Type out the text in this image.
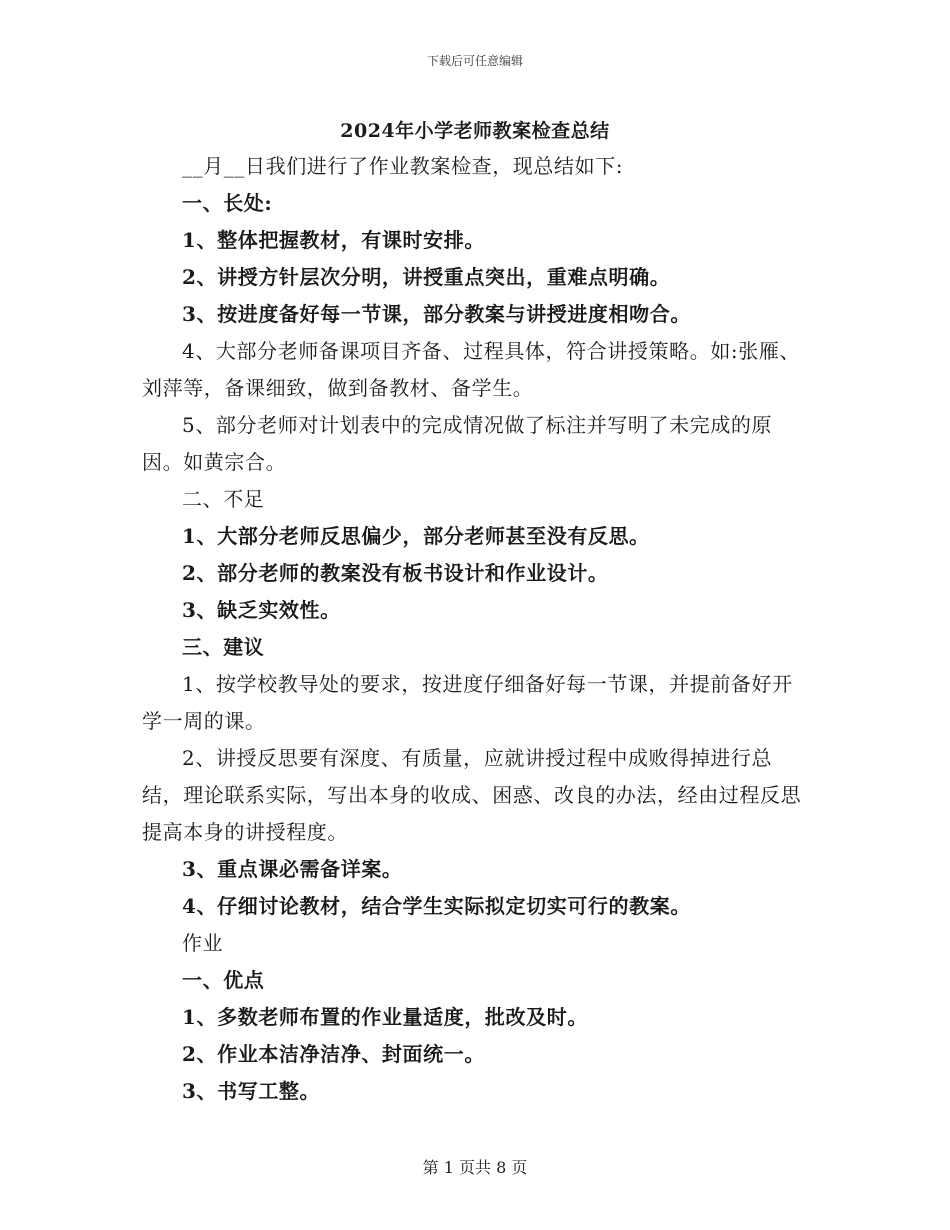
下载后可任意编辑
2024年小学老师教案检查总结

__月__日我们进行了作业教案检查，现总结如下:

一、长处:

1、整体把握教材，有课时安排。

2、讲授方针层次分明，讲授重点突出，重难点明确。

3、按进度备好每一节课，部分教案与讲授进度相吻合。

4、大部分老师备课项目齐备、过程具体，符合讲授策略。如:张雁、刘萍等，备课细致，做到备教材、备学生。

5、部分老师对计划表中的完成情况做了标注并写明了未完成的原因。如黄宗合。

二、不足

1、大部分老师反思偏少，部分老师甚至没有反思。

2、部分老师的教案没有板书设计和作业设计。

3、缺乏实效性。

三、建议

1、按学校教导处的要求，按进度仔细备好每一节课，并提前备好开学一周的课。

2、讲授反思要有深度、有质量，应就讲授过程中成败得掉进行总结，理论联系实际，写出本身的收成、困惑、改良的办法，经由过程反思提高本身的讲授程度。

3、重点课必需备详案。

4、仔细讨论教材，结合学生实际拟定切实可行的教案。

作业

一、优点

1、多数老师布置的作业量适度，批改及时。

2、作业本洁净洁净、封面统一。

3、书写工整。

第 1 页共 8 页
